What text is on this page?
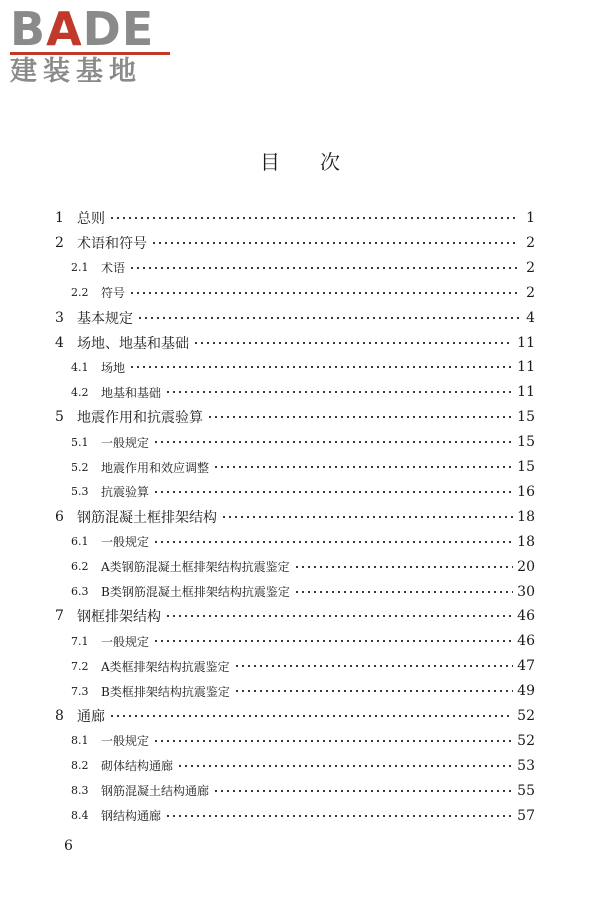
BADE
建装基地
目次
1 总则	1
2 术语和符号	2
2.1	术语	2
2.2	符号	2
3 基本规定	4
4 场地、地基和基础	11
4.1	场地	11
4.2	地基和基础	11
5 地震作用和抗震验算	15
5.1	一般规定	15
5.2	地震作用和效应调整	15
5.3	抗震验算	16
6 钢筋混凝土框排架结构	18
6.1	一般规定	18
6.2	A类钢筋混凝土框排架结构抗震鉴定	20
6.3	B类钢筋混凝土框排架结构抗震鉴定	30
7 钢框排架结构	46
7.1	一般规定	46
7.2	A类框排架结构抗震鉴定	47
7.3	B类框排架结构抗震鉴定	49
8 通廊	52
8.1	一般规定	52
8.2	砌体结构通廊	53
8.3	钢筋混凝土结构通廊	55
8.4	钢结构通廊	57
6
